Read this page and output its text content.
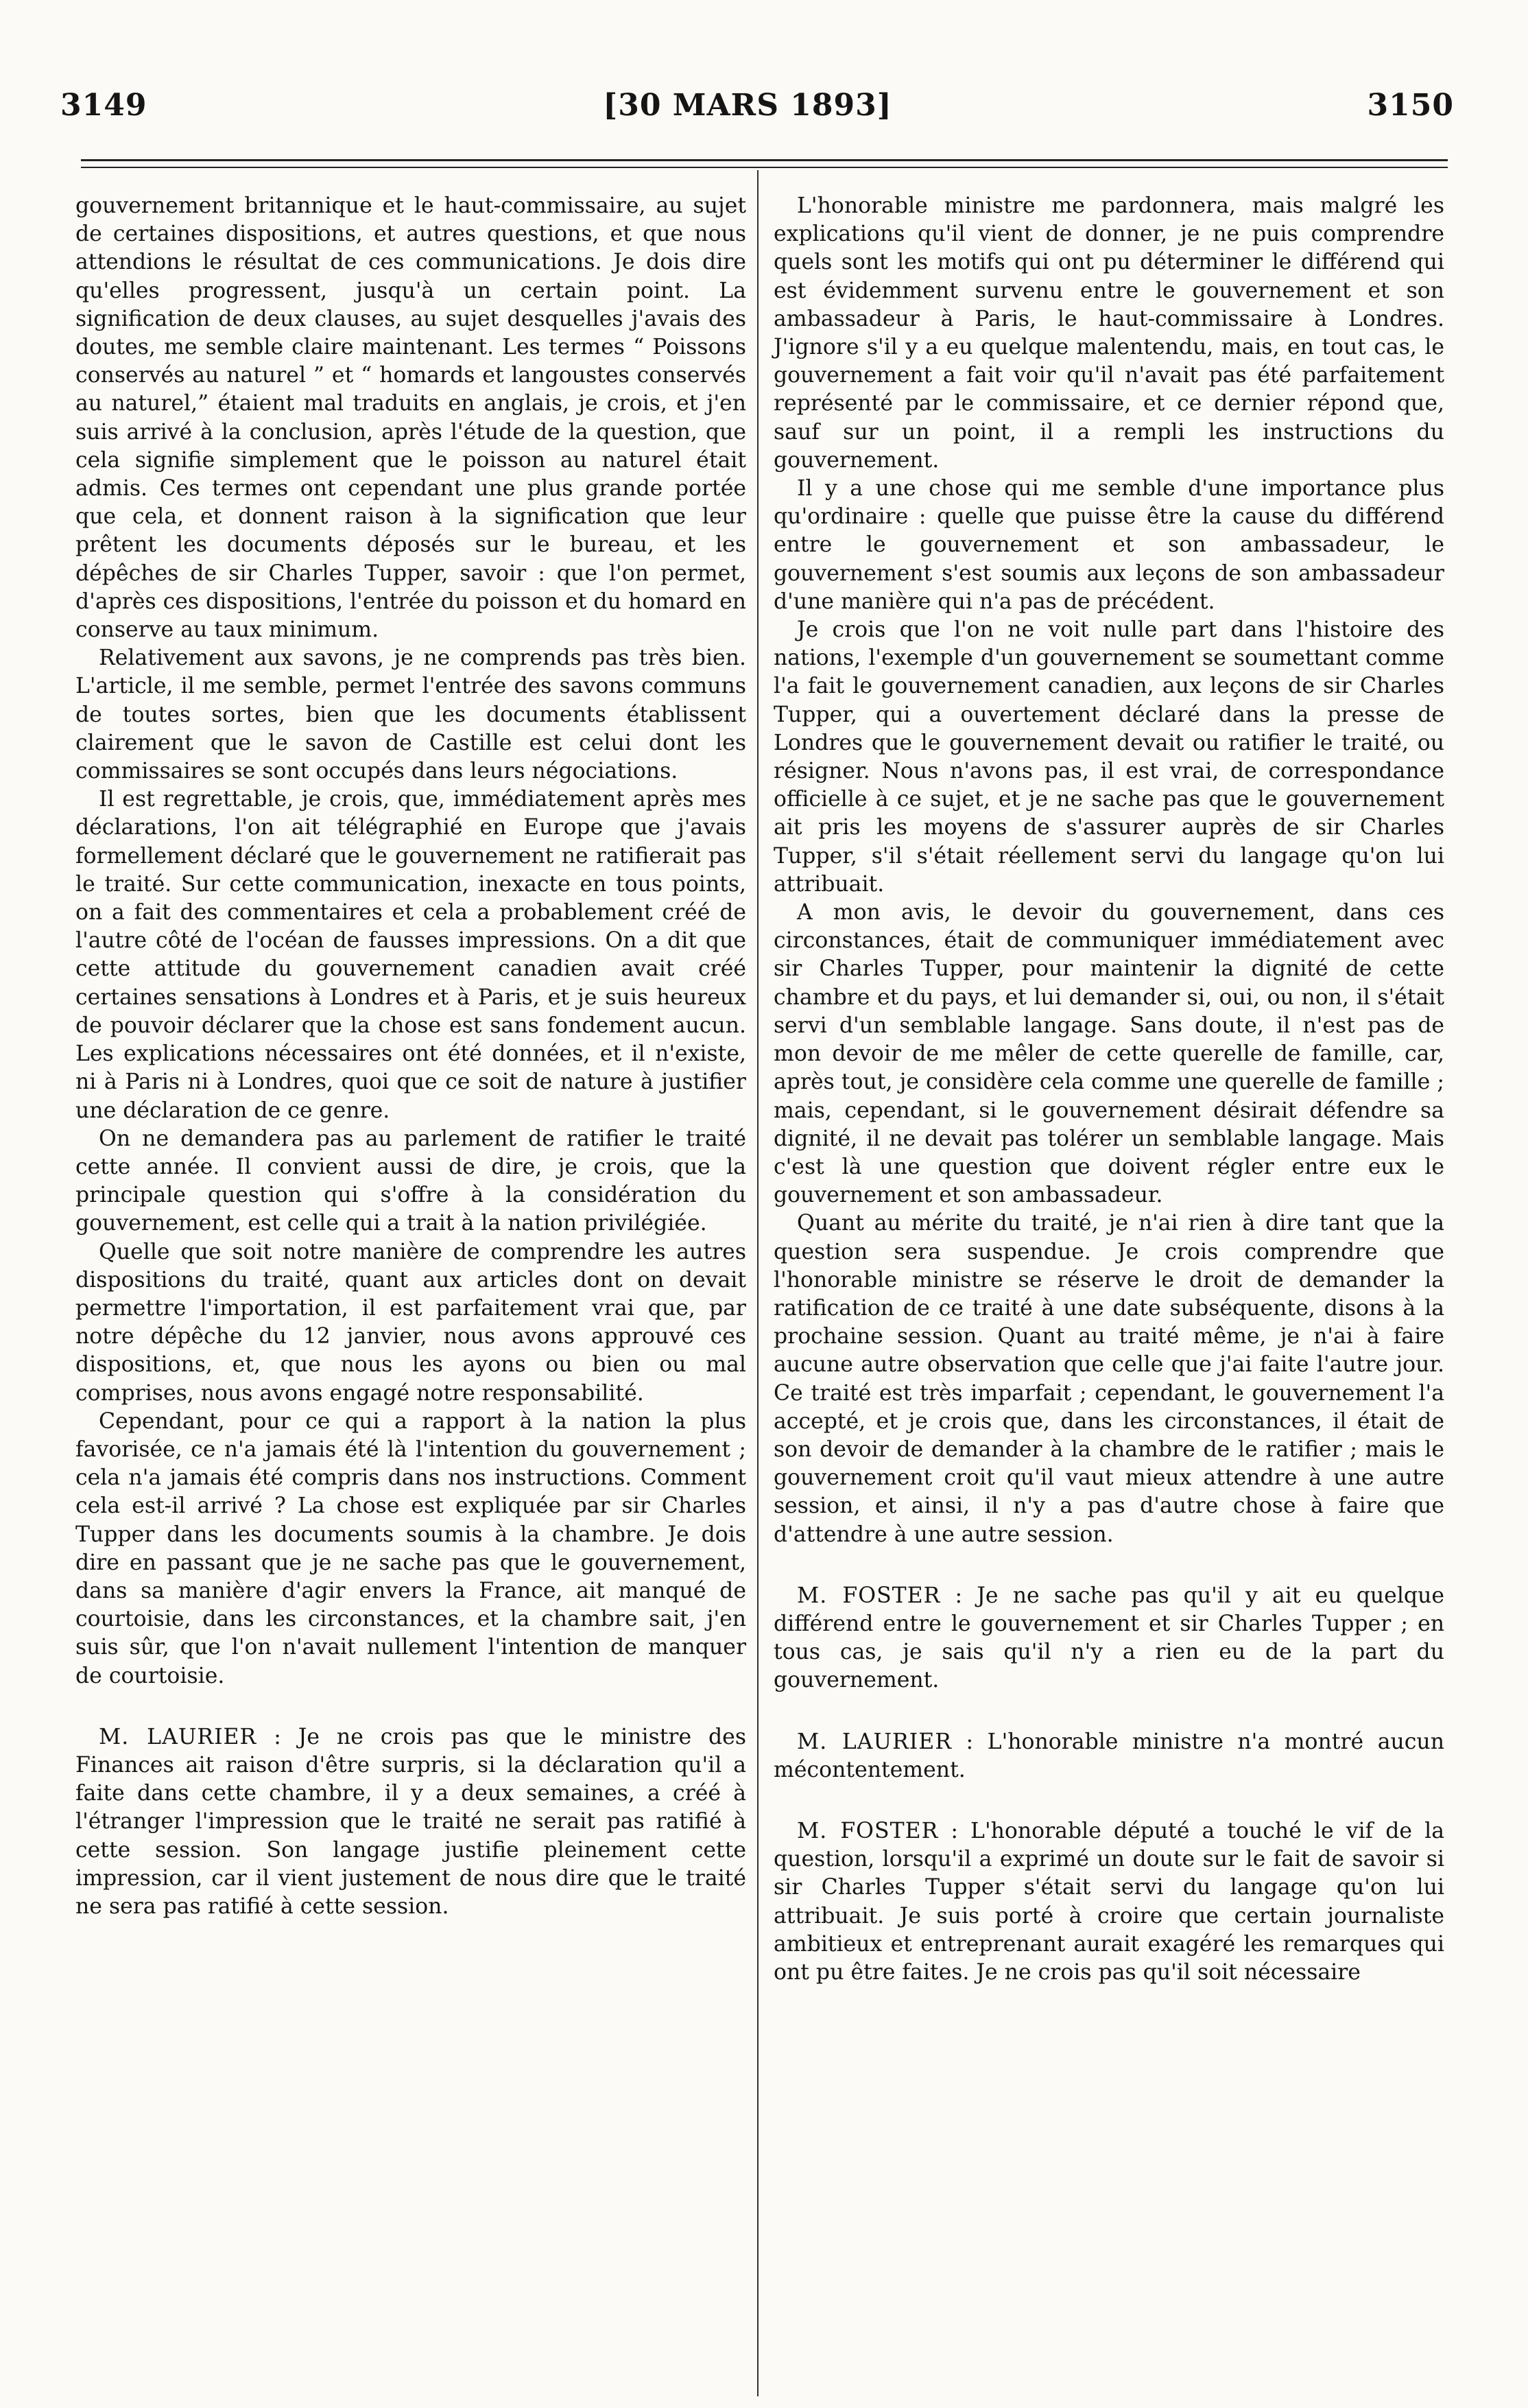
3149	[30 MARS 1893]	3150

gouvernement britannique et le haut-commissaire, au sujet de certaines dispositions, et autres questions, et que nous attendions le résultat de ces communications. Je dois dire qu'elles progressent, jusqu'à un certain point. La signification de deux clauses, au sujet desquelles j'avais des doutes, me semble claire maintenant. Les termes “ Poissons conservés au naturel ” et “ homards et langoustes conservés au naturel,” étaient mal traduits en anglais, je crois, et j'en suis arrivé à la conclusion, après l'étude de la question, que cela signifie simplement que le poisson au naturel était admis. Ces termes ont cependant une plus grande portée que cela, et donnent raison à la signification que leur prêtent les documents déposés sur le bureau, et les dépêches de sir Charles Tupper, savoir : que l'on permet, d'après ces dispositions, l'entrée du poisson et du homard en conserve au taux minimum.

Relativement aux savons, je ne comprends pas très bien. L'article, il me semble, permet l'entrée des savons communs de toutes sortes, bien que les documents établissent clairement que le savon de Castille est celui dont les commissaires se sont occupés dans leurs négociations.

Il est regrettable, je crois, que, immédiatement après mes déclarations, l'on ait télégraphié en Europe que j'avais formellement déclaré que le gouvernement ne ratifierait pas le traité. Sur cette communication, inexacte en tous points, on a fait des commentaires et cela a probablement créé de l'autre côté de l'océan de fausses impressions. On a dit que cette attitude du gouvernement canadien avait créé certaines sensations à Londres et à Paris, et je suis heureux de pouvoir déclarer que la chose est sans fondement aucun. Les explications nécessaires ont été données, et il n'existe, ni à Paris ni à Londres, quoi que ce soit de nature à justifier une déclaration de ce genre.

On ne demandera pas au parlement de ratifier le traité cette année. Il convient aussi de dire, je crois, que la principale question qui s'offre à la considération du gouvernement, est celle qui a trait à la nation privilégiée.

Quelle que soit notre manière de comprendre les autres dispositions du traité, quant aux articles dont on devait permettre l'importation, il est parfaitement vrai que, par notre dépêche du 12 janvier, nous avons approuvé ces dispositions, et, que nous les ayons ou bien ou mal comprises, nous avons engagé notre responsabilité.

Cependant, pour ce qui a rapport à la nation la plus favorisée, ce n'a jamais été là l'intention du gouvernement ; cela n'a jamais été compris dans nos instructions. Comment cela est-il arrivé ? La chose est expliquée par sir Charles Tupper dans les documents soumis à la chambre. Je dois dire en passant que je ne sache pas que le gouvernement, dans sa manière d'agir envers la France, ait manqué de courtoisie, dans les circonstances, et la chambre sait, j'en suis sûr, que l'on n'avait nullement l'intention de manquer de courtoisie.

M. LAURIER : Je ne crois pas que le ministre des Finances ait raison d'être surpris, si la déclaration qu'il a faite dans cette chambre, il y a deux semaines, a créé à l'étranger l'impression que le traité ne serait pas ratifié à cette session. Son langage justifie pleinement cette impression, car il vient justement de nous dire que le traité ne sera pas ratifié à cette session.

L'honorable ministre me pardonnera, mais malgré les explications qu'il vient de donner, je ne puis comprendre quels sont les motifs qui ont pu déterminer le différend qui est évidemment survenu entre le gouvernement et son ambassadeur à Paris, le haut-commissaire à Londres. J'ignore s'il y a eu quelque malentendu, mais, en tout cas, le gouvernement a fait voir qu'il n'avait pas été parfaitement représenté par le commissaire, et ce dernier répond que, sauf sur un point, il a rempli les instructions du gouvernement.

Il y a une chose qui me semble d'une importance plus qu'ordinaire : quelle que puisse être la cause du différend entre le gouvernement et son ambassadeur, le gouvernement s'est soumis aux leçons de son ambassadeur d'une manière qui n'a pas de précédent.

Je crois que l'on ne voit nulle part dans l'histoire des nations, l'exemple d'un gouvernement se soumettant comme l'a fait le gouvernement canadien, aux leçons de sir Charles Tupper, qui a ouvertement déclaré dans la presse de Londres que le gouvernement devait ou ratifier le traité, ou résigner. Nous n'avons pas, il est vrai, de correspondance officielle à ce sujet, et je ne sache pas que le gouvernement ait pris les moyens de s'assurer auprès de sir Charles Tupper, s'il s'était réellement servi du langage qu'on lui attribuait.

A mon avis, le devoir du gouvernement, dans ces circonstances, était de communiquer immédiatement avec sir Charles Tupper, pour maintenir la dignité de cette chambre et du pays, et lui demander si, oui, ou non, il s'était servi d'un semblable langage. Sans doute, il n'est pas de mon devoir de me mêler de cette querelle de famille, car, après tout, je considère cela comme une querelle de famille ; mais, cependant, si le gouvernement désirait défendre sa dignité, il ne devait pas tolérer un semblable langage. Mais c'est là une question que doivent régler entre eux le gouvernement et son ambassadeur.

Quant au mérite du traité, je n'ai rien à dire tant que la question sera suspendue. Je crois comprendre que l'honorable ministre se réserve le droit de demander la ratification de ce traité à une date subséquente, disons à la prochaine session. Quant au traité même, je n'ai à faire aucune autre observation que celle que j'ai faite l'autre jour. Ce traité est très imparfait ; cependant, le gouvernement l'a accepté, et je crois que, dans les circonstances, il était de son devoir de demander à la chambre de le ratifier ; mais le gouvernement croit qu'il vaut mieux attendre à une autre session, et ainsi, il n'y a pas d'autre chose à faire que d'attendre à une autre session.

M. FOSTER : Je ne sache pas qu'il y ait eu quelque différend entre le gouvernement et sir Charles Tupper ; en tous cas, je sais qu'il n'y a rien eu de la part du gouvernement.

M. LAURIER : L'honorable ministre n'a montré aucun mécontentement.

M. FOSTER : L'honorable député a touché le vif de la question, lorsqu'il a exprimé un doute sur le fait de savoir si sir Charles Tupper s'était servi du langage qu'on lui attribuait. Je suis porté à croire que certain journaliste ambitieux et entreprenant aurait exagéré les remarques qui ont pu être faites. Je ne crois pas qu'il soit nécessaire
